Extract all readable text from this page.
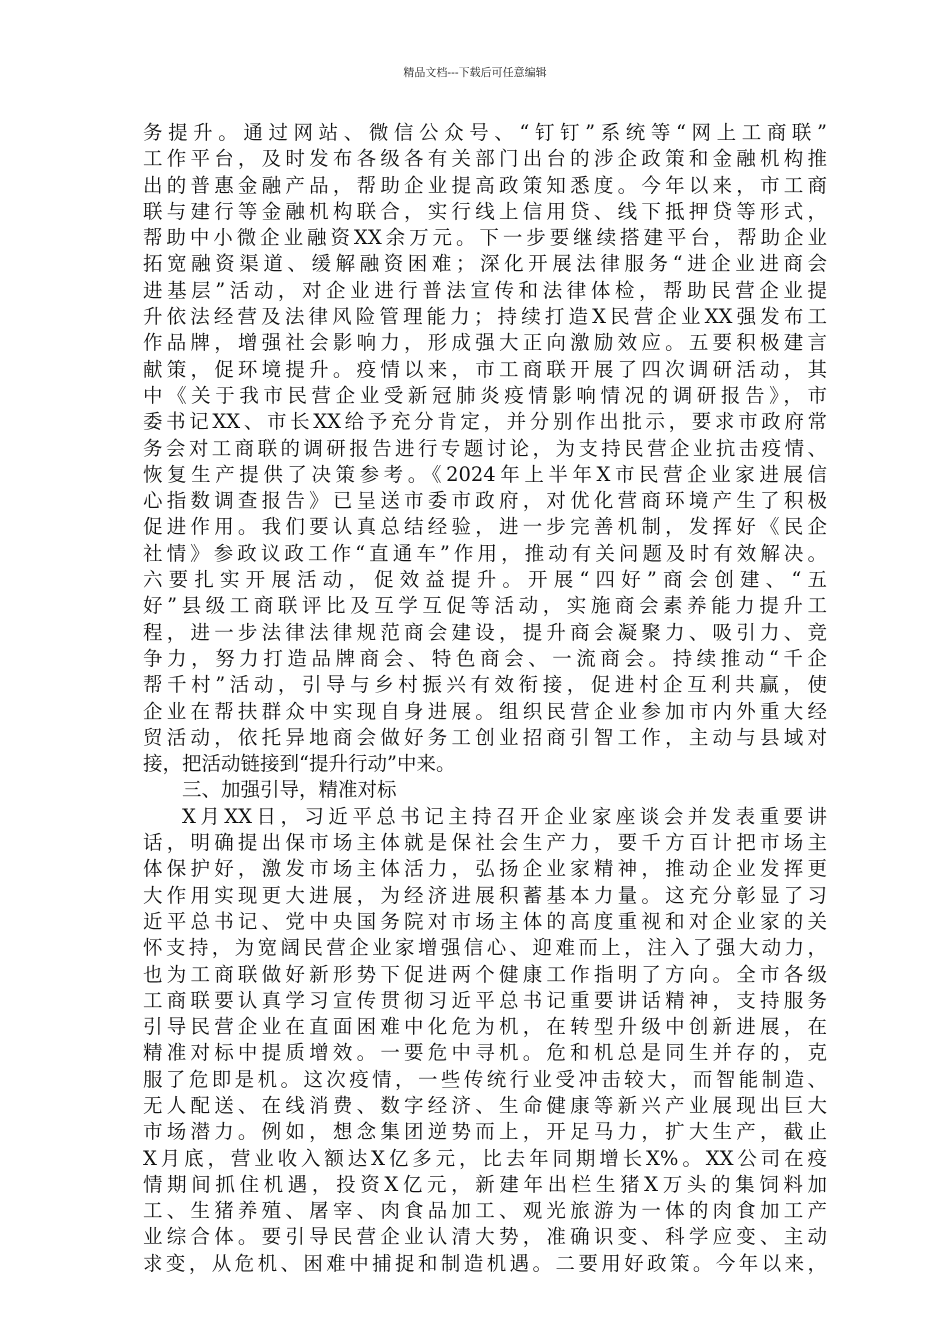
精品文档---下载后可任意编辑
务提升。通过网站、微信公众号、“钉钉”系统等“网上工商联”
工作平台，及时发布各级各有关部门出台的涉企政策和金融机构推
出的普惠金融产品，帮助企业提高政策知悉度。今年以来，市工商
联与建行等金融机构联合，实行线上信用贷、线下抵押贷等形式，
帮助中小微企业融资XX余万元。下一步要继续搭建平台，帮助企业
拓宽融资渠道、缓解融资困难；深化开展法律服务“进企业进商会
进基层”活动，对企业进行普法宣传和法律体检，帮助民营企业提
升依法经营及法律风险管理能力；持续打造X民营企业XX强发布工
作品牌，增强社会影响力，形成强大正向激励效应。五要积极建言
献策，促环境提升。疫情以来，市工商联开展了四次调研活动，其
中《关于我市民营企业受新冠肺炎疫情影响情况的调研报告》，市
委书记XX、市长XX给予充分肯定，并分别作出批示，要求市政府常
务会对工商联的调研报告进行专题讨论，为支持民营企业抗击疫情、
恢复生产提供了决策参考。《2024年上半年X市民营企业家进展信
心指数调查报告》已呈送市委市政府，对优化营商环境产生了积极
促进作用。我们要认真总结经验，进一步完善机制，发挥好《民企
社情》参政议政工作“直通车”作用，推动有关问题及时有效解决。
六要扎实开展活动，促效益提升。开展“四好”商会创建、“五
好”县级工商联评比及互学互促等活动，实施商会素养能力提升工
程，进一步法律法律规范商会建设，提升商会凝聚力、吸引力、竞
争力，努力打造品牌商会、特色商会、一流商会。持续推动“千企
帮千村”活动，引导与乡村振兴有效衔接，促进村企互利共赢，使
企业在帮扶群众中实现自身进展。组织民营企业参加市内外重大经
贸活动，依托异地商会做好务工创业招商引智工作，主动与县域对
接，把活动链接到“提升行动”中来。
三、加强引导，精准对标
X月XX日，习近平总书记主持召开企业家座谈会并发表重要讲
话，明确提出保市场主体就是保社会生产力，要千方百计把市场主
体保护好，激发市场主体活力，弘扬企业家精神，推动企业发挥更
大作用实现更大进展，为经济进展积蓄基本力量。这充分彰显了习
近平总书记、党中央国务院对市场主体的高度重视和对企业家的关
怀支持，为宽阔民营企业家增强信心、迎难而上，注入了强大动力，
也为工商联做好新形势下促进两个健康工作指明了方向。全市各级
工商联要认真学习宣传贯彻习近平总书记重要讲话精神，支持服务
引导民营企业在直面困难中化危为机，在转型升级中创新进展，在
精准对标中提质增效。一要危中寻机。危和机总是同生并存的，克
服了危即是机。这次疫情，一些传统行业受冲击较大，而智能制造、
无人配送、在线消费、数字经济、生命健康等新兴产业展现出巨大
市场潜力。例如，想念集团逆势而上，开足马力，扩大生产，截止
X月底，营业收入额达X亿多元，比去年同期增长X%。XX公司在疫
情期间抓住机遇，投资X亿元，新建年出栏生猪X万头的集饲料加
工、生猪养殖、屠宰、肉食品加工、观光旅游为一体的肉食加工产
业综合体。要引导民营企业认清大势，准确识变、科学应变、主动
求变，从危机、困难中捕捉和制造机遇。二要用好政策。今年以来，
